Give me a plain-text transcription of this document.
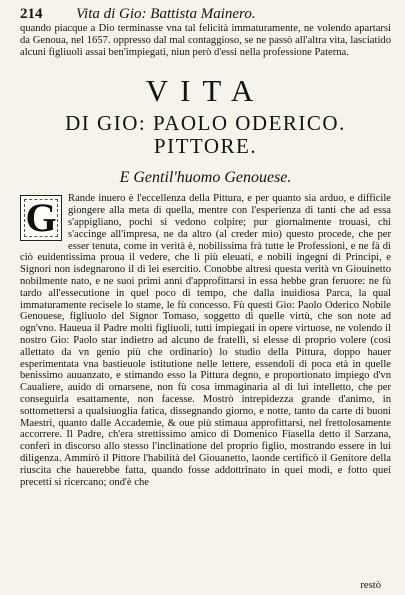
214	Vita di Gio: Battista Mainero.

quando piacque a Dio terminasse vna tal felicità immaturamente, ne volendo apartarsi da Genoua, nel 1657. oppresso dal mal contaggioso, se ne passò all'altra vita, lasciatido alcuni figliuoli assai ben'impiegati, niun però d'essi nella professione Paterna.

VITA
DI GIO: PAOLO ODERICO.
PITTORE.
E Gentil'huomo Genouese.
G	Rande inuero è l'eccellenza della Pittura, e per quanto sia arduo, e difficile giongere alla meta di quella, mentre con l'esperienza di tanti che ad essa s'appigliano, pochi si vedono colpire; pur giornalmente trouasi, chi s'accinge all'impresa, ne da altro (al creder mio) questo procede, che per esser tenuta, come in verità è, nobilissima frà tutte le Professioni, e ne fà di ciò euidentissima proua il vedere, che li più eleuati, e nobili ingegni di Principi, e Signori non isdegnarono il di lei esercitio. Conobbe altresì questa verità vn Giouinetto nobilmente nato, e ne suoi primi anni d'approfittarsi in essa hebbe gran feruore: ne fù tardo all'essecutione in quel poco di tempo, che dalla inuidiosa Parca, la qual immaturamente recisele lo stame, le fù concesso. Fù questi Gio: Paolo Oderico Nobile Genouese, figliuolo del Signor Tomaso, soggetto di quelle virtù, che son note ad ogn'vno. Haueua il Padre molti figliuoli, tutti impiegati in opere virtuose, ne volendo il nostro Gio: Paolo star indietro ad alcuno de fratelli, si elesse di proprio volere (così allettato da vn genio più che ordinario) lo studio della Pittura, doppo hauer esperimentata vna bastieuole istitutione nelle lettere, essendoli di poca età in quelle benissimo auuanzato, e stimando esso la Pittura degno, e proportionato impiego d'vn Caualiere, auido di ornarsene, non fù cosa immaginaria al di lui intelletto, che per conseguirla esattamente, non facesse. Mostrò intrepidezza grande d'animo, in sottomettersi a qualsiuoglia fatica, dissegnando giorno, e notte, tanto da carte di buoni Maestri, quanto dalle Accademie, & oue più stimaua approfittarsi, nel frettolosamente accorrere. Il Padre, ch'era strettissimo amico di Domenico Fiasella detto il Sarzana, conferì in discorso allo stesso l'inclinatione del proprio figlio, mostrando essere in lui diligenza. Ammirò il Pittore l'habilità del Giouanetto, laonde certificò il Genitore della riuscita che hauerebbe fatta, quando fosse addottrinato in quei modi, e fotto quei precetti si ricercano; ond'è che

restò
